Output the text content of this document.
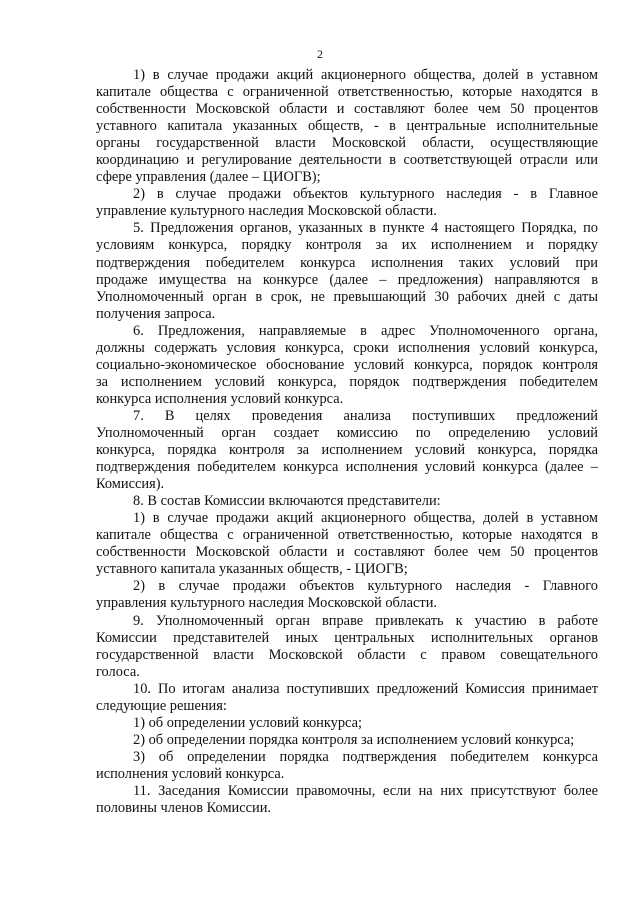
2
1) в случае продажи акций акционерного общества, долей в уставном
капитале общества с ограниченной ответственностью, которые находятся в
собственности Московской области и составляют более чем 50 процентов
уставного капитала указанных обществ, - в центральные исполнительные
органы государственной власти Московской области, осуществляющие
координацию и регулирование деятельности в соответствующей отрасли или
сфере управления (далее – ЦИОГВ);
2) в случае продажи объектов культурного наследия - в Главное
управление культурного наследия Московской области.
5. Предложения органов, указанных в пункте 4 настоящего Порядка, по
условиям конкурса, порядку контроля за их исполнением и порядку
подтверждения победителем конкурса исполнения таких условий при
продаже имущества на конкурсе (далее – предложения) направляются в
Уполномоченный орган в срок, не превышающий 30 рабочих дней с даты
получения запроса.
6. Предложения, направляемые в адрес Уполномоченного органа,
должны содержать условия конкурса, сроки исполнения условий конкурса,
социально-экономическое обоснование условий конкурса, порядок контроля
за исполнением условий конкурса, порядок подтверждения победителем
конкурса исполнения условий конкурса.
7. В целях проведения анализа поступивших предложений
Уполномоченный орган создает комиссию по определению условий
конкурса, порядка контроля за исполнением условий конкурса, порядка
подтверждения победителем конкурса исполнения условий конкурса (далее –
Комиссия).
8. В состав Комиссии включаются представители:
1) в случае продажи акций акционерного общества, долей в уставном
капитале общества с ограниченной ответственностью, которые находятся в
собственности Московской области и составляют более чем 50 процентов
уставного капитала указанных обществ, - ЦИОГВ;
2) в случае продажи объектов культурного наследия - Главного
управления культурного наследия Московской области.
9. Уполномоченный орган вправе привлекать к участию в работе
Комиссии представителей иных центральных исполнительных органов
государственной власти Московской области с правом совещательного
голоса.
10. По итогам анализа поступивших предложений Комиссия принимает
следующие решения:
1) об определении условий конкурса;
2) об определении порядка контроля за исполнением условий конкурса;
3) об определении порядка подтверждения победителем конкурса
исполнения условий конкурса.
11. Заседания Комиссии правомочны, если на них присутствуют более
половины членов Комиссии.
